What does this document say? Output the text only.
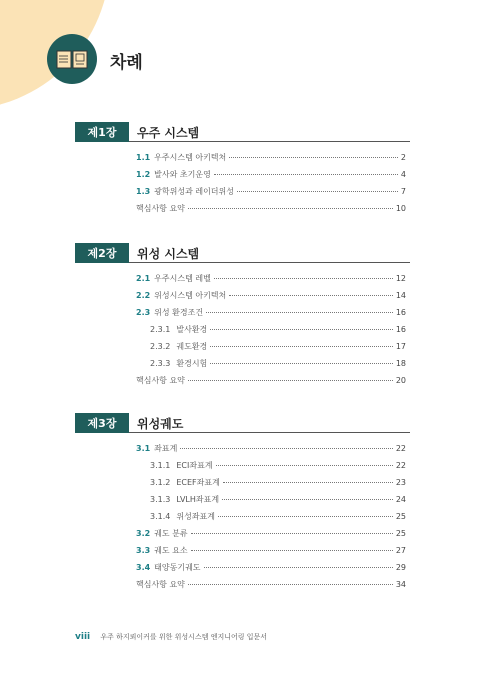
차례
제1장	우주 시스템
1.1 우주시스템 아키텍처	2
1.2 발사와 초기운영	4
1.3 광학위성과 레이더위성	7
핵심사항 요약	10
제2장	위성 시스템
2.1 우주시스템 레벨	12
2.2 위성시스템 아키텍처	14
2.3 위성 환경조건	16
2.3.1 발사환경	16
2.3.2 궤도환경	17
2.3.3 환경시험	18
핵심사항 요약	20
제3장	위성궤도
3.1 좌표계	22
3.1.1 ECI좌표계	22
3.1.2 ECEF좌표계	23
3.1.3 LVLH좌표계	24
3.1.4 위성좌표계	25
3.2 궤도 분류	25
3.3 궤도 요소	27
3.4 태양동기궤도	29
핵심사항 요약	34
viii 우주 하지뢰이커를 위한 위성시스템 엔지니어링 입문서
